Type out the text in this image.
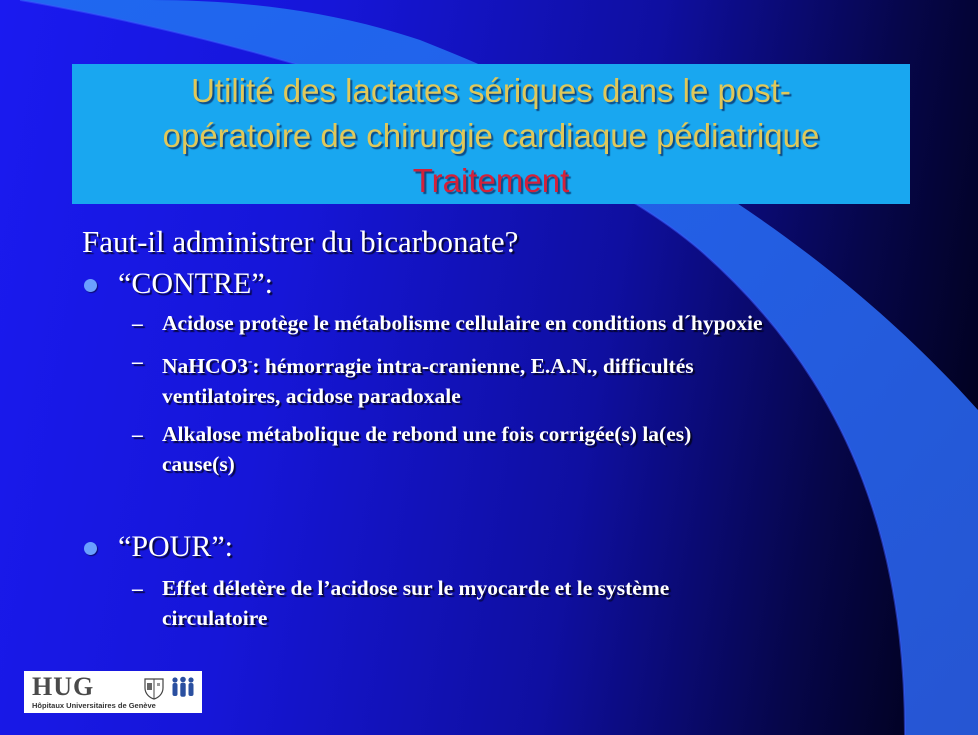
Utilité des lactates sériques dans le post-
opératoire de chirurgie cardiaque pédiatrique
Traitement
Faut-il administrer du bicarbonate?
“CONTRE”:
– Acidose protège le métabolisme cellulaire en conditions d´hypoxie
– NaHCO3-: hémorragie intra-cranienne, E.A.N., difficultés
ventilatoires, acidose paradoxale
– Alkalose métabolique de rebond une fois corrigée(s) la(es)
cause(s)
“POUR”:
– Effet déletère de l’acidose sur le myocarde et le système
circulatoire
HUG
Hôpitaux Universitaires de Genève
